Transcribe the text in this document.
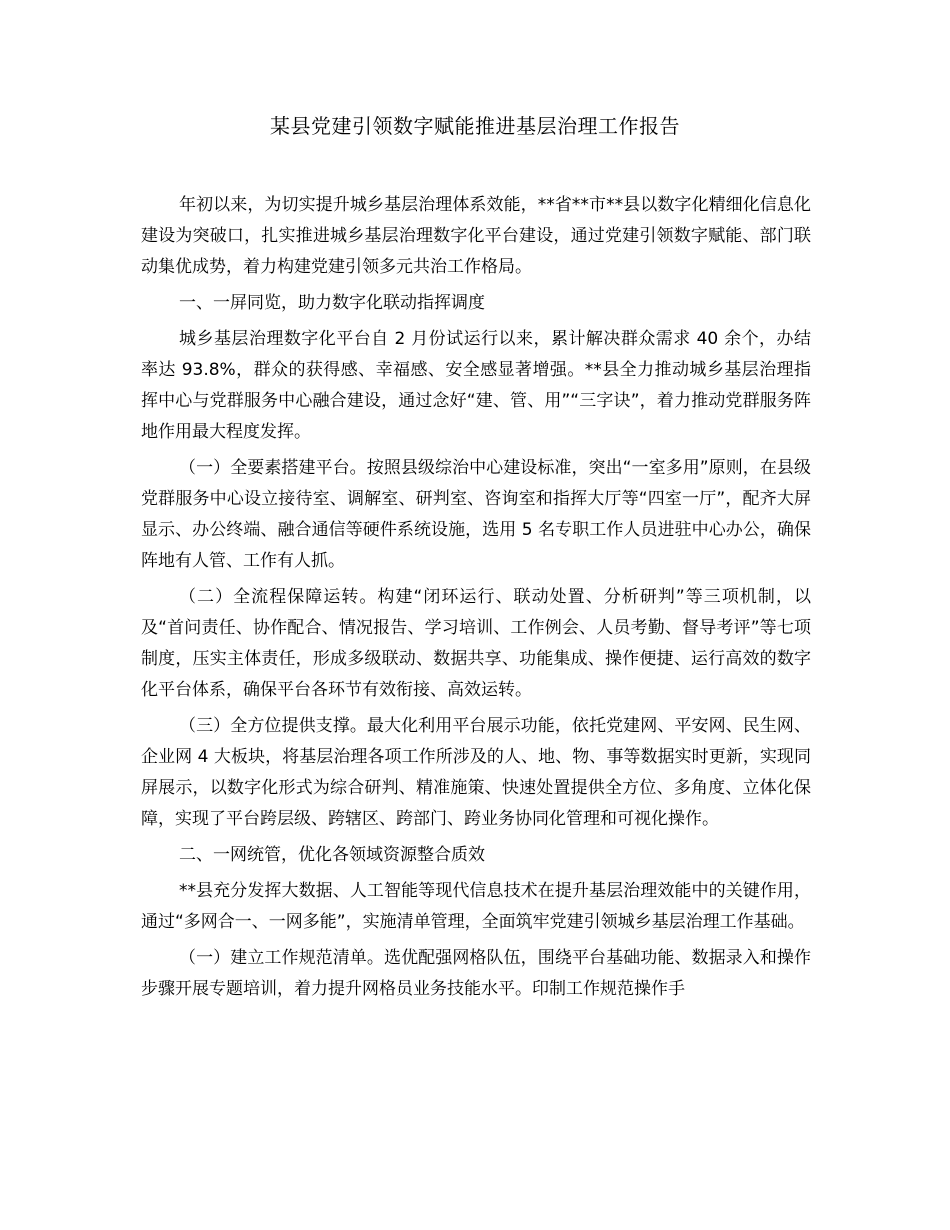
某县党建引领数字赋能推进基层治理工作报告

年初以来，为切实提升城乡基层治理体系效能，**省**市**县以数字化精细化信息化建设为突破口，扎实推进城乡基层治理数字化平台建设，通过党建引领数字赋能、部门联动集优成势，着力构建党建引领多元共治工作格局。

一、一屏同览，助力数字化联动指挥调度

城乡基层治理数字化平台自 2 月份试运行以来，累计解决群众需求 40 余个，办结率达 93.8%，群众的获得感、幸福感、安全感显著增强。**县全力推动城乡基层治理指挥中心与党群服务中心融合建设，通过念好“建、管、用”“三字诀”，着力推动党群服务阵地作用最大程度发挥。

（一）全要素搭建平台。按照县级综治中心建设标准，突出“一室多用”原则，在县级党群服务中心设立接待室、调解室、研判室、咨询室和指挥大厅等“四室一厅”，配齐大屏显示、办公终端、融合通信等硬件系统设施，选用 5 名专职工作人员进驻中心办公，确保阵地有人管、工作有人抓。

（二）全流程保障运转。构建“闭环运行、联动处置、分析研判”等三项机制，以及“首问责任、协作配合、情况报告、学习培训、工作例会、人员考勤、督导考评”等七项制度，压实主体责任，形成多级联动、数据共享、功能集成、操作便捷、运行高效的数字化平台体系，确保平台各环节有效衔接、高效运转。

（三）全方位提供支撑。最大化利用平台展示功能，依托党建网、平安网、民生网、企业网 4 大板块，将基层治理各项工作所涉及的人、地、物、事等数据实时更新，实现同屏展示，以数字化形式为综合研判、精准施策、快速处置提供全方位、多角度、立体化保障，实现了平台跨层级、跨辖区、跨部门、跨业务协同化管理和可视化操作。

二、一网统管，优化各领域资源整合质效

**县充分发挥大数据、人工智能等现代信息技术在提升基层治理效能中的关键作用，通过“多网合一、一网多能”，实施清单管理，全面筑牢党建引领城乡基层治理工作基础。

（一）建立工作规范清单。选优配强网格队伍，围绕平台基础功能、数据录入和操作步骤开展专题培训，着力提升网格员业务技能水平。印制工作规范操作手
